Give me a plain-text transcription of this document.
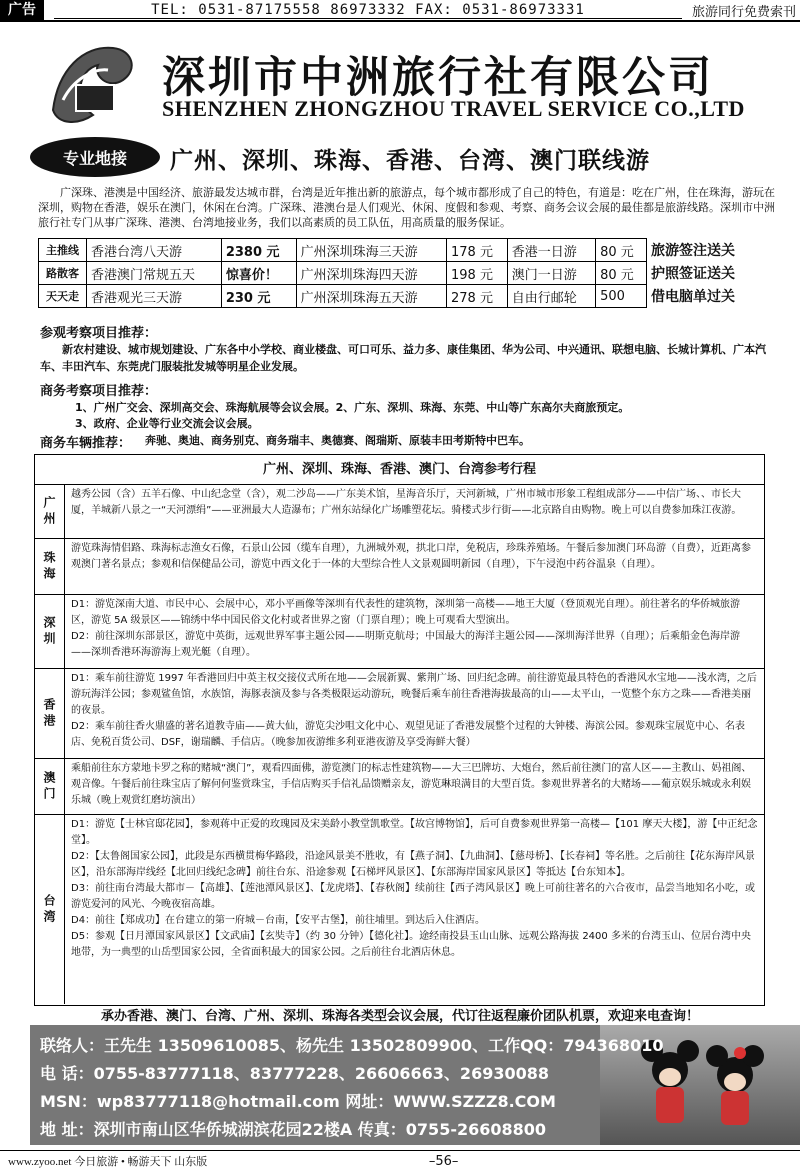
广告	TEL: 0531-87175558 86973332 FAX: 0531-86973331	旅游同行免费索刊
深圳市中洲旅行社有限公司
SHENZHEN ZHONGZHOU TRAVEL SERVICE CO.,LTD
专业地接	广州、深圳、珠海、香港、台湾、澳门联线游
广深珠、港澳是中国经济、旅游最发达城市群，台湾是近年推出新的旅游点，每个城市都形成了自己的特色，有道是：吃在广州，住在珠海，游玩在深圳，购物在香港，娱乐在澳门，休闲在台湾。广深珠、港澳台是人们观光、休闲、度假和参观、考察、商务会议会展的最佳都是旅游线路。深圳市中洲旅行社专门从事广深珠、港澳、台湾地接业务，我们以高素质的员工队伍，用高质量的服务保证。
主推线	香港台湾八天游	2380 元	广州深圳珠海三天游	178 元	香港一日游	80 元	旅游签注送关
路散客	香港澳门常规五天	惊喜价！	广州深圳珠海四天游	198 元	澳门一日游	80 元	护照签证送关
天天走	香港观光三天游	230 元	广州深圳珠海五天游	278 元	自由行邮轮	500	借电脑单过关
参观考察项目推荐：
新农村建设、城市规划建设、广东各中小学校、商业楼盘、可口可乐、益力多、康佳集团、华为公司、中兴通讯、联想电脑、长城计算机、广本汽车、丰田汽车、东莞虎门服装批发城等明星企业发展。
商务考察项目推荐：
1、广州广交会、深圳高交会、珠海航展等会议会展。2、广东、深圳、珠海、东莞、中山等广东高尔夫商旅预定。
3、政府、企业等行业交流会议会展。
商务车辆推荐： 奔驰、奥迪、商务别克、商务瑞丰、奥德赛、阁瑞斯、原装丰田考斯特中巴车。
广州、深圳、珠海、香港、澳门、台湾参考行程
广州

越秀公园（含）五羊石像、中山纪念堂（含），观二沙岛——广东美术馆，星海音乐厅，天河新城，广州市城市形象工程组成部分——中信广场、、市长大厦，羊城新八景之一“天河漂绢”——亚洲最大人造瀑布；广州东站绿化广场雕塑花坛。骑楼式步行街——北京路自由购物。晚上可以自费参加珠江夜游。

珠海

游览珠海情侣路、珠海标志渔女石像，石景山公园（缆车自理），九洲城外观，拱北口岸，免税店，珍珠养殖场。午餐后参加澳门环岛游（自费），近距离参观澳门著名景点；参观和信保健品公司，游览中西文化于一体的大型综合性人文景观圆明新园（自理），下午浸泡中药谷温泉（自理）。

深圳

D1：游览深南大道、市民中心、会展中心，邓小平画像等深圳有代表性的建筑物，深圳第一高楼——地王大厦（登顶观光自理）。前往著名的华侨城旅游区，游览 5A 级景区——锦绣中华中国民俗文化村或者世界之窗（门票自理）；晚上可观看大型演出。

D2：前往深圳东部景区，游览中英街，远观世界军事主题公园——明斯克航母；中国最大的海洋主题公园——深圳海洋世界（自理）；后乘船金色海岸游——深圳香港环海游海上观光艇（自理）。

香港

D1：乘车前往游览 1997 年香港回归中英主权交接仪式所在地——会展新翼、紫荆广场、回归纪念碑。前往游览最具特色的香港风水宝地——浅水湾，之后游玩海洋公园；参观鲨鱼馆，水族馆，海豚表演及参与各类极限运动游玩，晚餐后乘车前往香港海拔最高的山——太平山，一览整个东方之珠——香港美丽的夜景。

D2：乘车前往香火鼎盛的著名道教寺庙——黄大仙，游览尖沙咀文化中心、观望见证了香港发展整个过程的大钟楼、海滨公园。参观珠宝展览中心、名表店、免税百货公司、DSF，谢瑞麟、手信店。（晚参加夜游维多利亚港夜游及享受海鲜大餐）

澳门

乘船前往东方蒙地卡罗之称的赌城“澳门”，观看四面佛，游览澳门的标志性建筑物——大三巴牌坊、大炮台，然后前往澳门的富人区——主教山、妈祖阁、观音像。午餐后前往珠宝店了解何何鉴赏珠宝，手信店购买手信礼品馈赠亲友，游览琳琅满目的大型百货。参观世界著名的大赌场——葡京娱乐城或永利娱乐城（晚上观赏红磨坊演出）

台湾

D1：游览【士林官邸花园】，参观蒋中正爱的玫瑰园及宋美龄小教堂凯歌堂。【故宫博物馆】，后可自费参观世界第一高楼—【101 摩天大楼】，游【中正纪念堂】。

D2：【太鲁阁国家公园】，此段是东西横贯梅华路段，沿途风景美不胜收，有【燕子洞】、【九曲洞】、【慈母桥】、【长春祠】等名胜。之后前往【花东海岸风景区】，沿东部海岸线经【北回归线纪念碑】前往台东、沿途参观【石梯坪风景区】、【东部海岸国家风景区】等抵达【台东知本】。

D3：前往南台湾最大都市－【高雄】、【莲池潭风景区】、【龙虎塔】、【春秋阁】续前往【西子湾风景区】晚上可前往著名的六合夜市，品尝当地知名小吃，或游览爱河的风光、今晚夜宿高雄。

D4：前往【郑成功】在台建立的第一府城－台南，【安平古堡】，前往埔里。到达后入住酒店。

D5：参观【日月潭国家风景区】【文武庙】【玄奘寺】（约 30 分钟）【德化社】。途经南投县玉山山脉、远观公路海拔 2400 多米的台湾玉山、位居台湾中央地带，为一典型的山岳型国家公园，全省面积最大的国家公园。之后前往台北酒店休息。

承办香港、澳门、台湾、广州、深圳、珠海各类型会议会展，代订往返程廉价团队机票，欢迎来电查询！
联络人：王先生 13509610085、杨先生 13502809900、工作QQ：794368010
电 话：0755-83777118、83777228、26606663、26930088
MSN：wp83777118@hotmail.com 网址：WWW.SZZZ8.COM
地 址：深圳市南山区华侨城湖滨花园22楼A 传真：0755-26608800
www.zyoo.net 今日旅游 • 畅游天下 山东版	–56–
